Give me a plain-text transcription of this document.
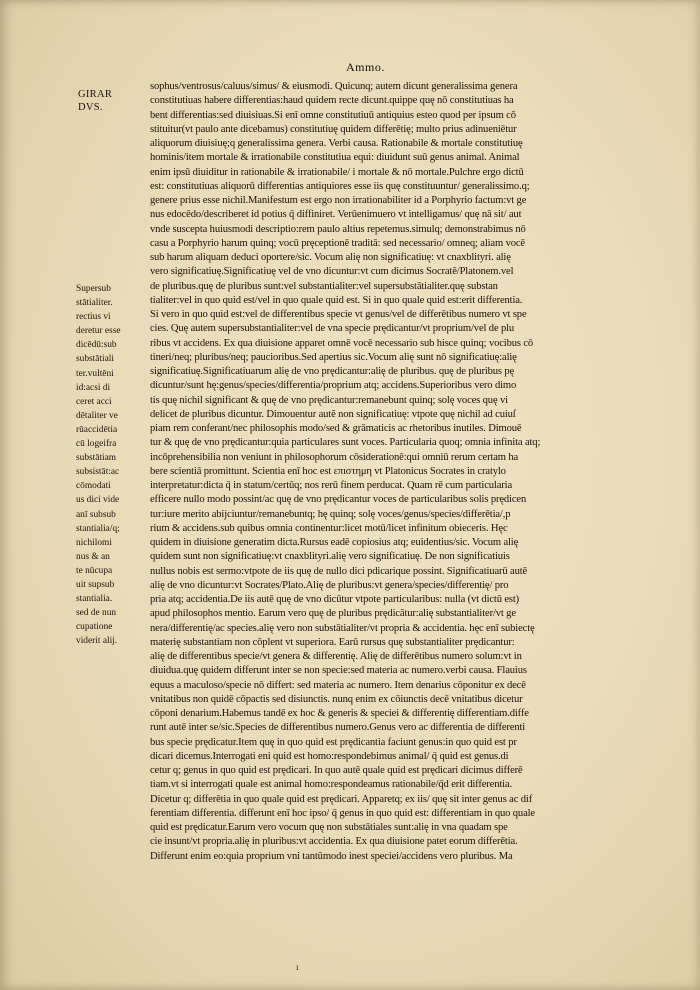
Ammo.
GIRAR
DVS.
Supersub
stātialiter.
rectius vi
deretur esse
dicēdū:sub
substātiali
ter.vultēni
id:acsi di
ceret acci
dētaliter ve
rūaccidētia
cū logeifra
substātiam
subsistāt:ac
cōmodati
us dici vide
anī subsub
stantialia/q;
nichilomi
nus & an
te nūcupa
uit supsub
stantialia.
sed de nun
cupatione
viderit alij.
sophus/ventrosus/caluus/simus/ & eiusmodi. Quicunq; autem dicunt generalissima genera
constitutiuas habere differentias:haud quidem recte dicunt.quippe quę nō constitutiuas ha
bent differentias:sed diuisiuas.Si enī omne constitutiuū antiquius esteo quod per ipsum cō
stituitur(vt paulo ante dicebamus) constitutiuę quidem differētię; multo prius adinueniētur
aliquorum diuisiuę;q generalissima genera. Verbi causa. Rationabile & mortale constitutiuę
hominis/item mortale & irrationabile constitutiua equi: diuidunt suū genus animal. Animal
enim ipsū diuiditur in rationabile & irrationabile/ i mortale & nō mortale.Pulchre ergo dictū
est: constitutiuas aliquorū differentias antiquiores esse iis quę constituuntur/ generalissimo.q;
genere prius esse nichil.Manifestum est ergo non irrationabiliter id a Porphyrio factum:vt ge
nus edocēdo/describeret id potius q̄ diffiniret. Verūenimuero vt intelligamus/ quę nā sit/ aut
vnde suscepta huiusmodi descriptio:rem paulo altius repetemus.simulq; demonstrabimus nō
casu a Porphyrio harum quinq; vocū pręceptionē traditā: sed necessario/ omneq; aliam vocē
sub harum aliquam deduci oportere/sic. Vocum alię non significatiuę: vt cnaxblityri. alię
vero significatiuę.Significatiuę vel de vno dicuntur:vt cum dicimus Socratē/Platonem.vel
de pluribus.quę de pluribus sunt:vel substantialiter:vel supersubstātialiter.quę substan
tialiter:vel in quo quid est/vel in quo quale quid est. Si in quo quale quid est:erit differentia.
Si vero in quo quid est:vel de differentibus specie vt genus/vel de differētibus numero vt spe
cies. Quę autem supersubstantialiter:vel de vna specie prędicantur/vt proprium/vel de plu
ribus vt accidens. Ex qua diuisione apparet omnē vocē necessario sub hisce quinq; vocibus cō
tineri/neq; pluribus/neq; paucioribus.Sed apertius sic.Vocum alię sunt nō significatiuę:alię
significatiuę.Significatiuarum alię de vno prędicantur:alię de pluribus. quę de pluribus pę
dicuntur/sunt hę:genus/species/differentia/proprium atq; accidens.Superioribus vero dimo
tis quę nichil significant & quę de vno prędicantur:remanebunt quinq; solę voces quę vi
delicet de pluribus dicuntur. Dimouentur autē non significatiuę: vtpote quę nichil ad cuiuſ
piam rem conferant/nec philosophis modo/sed & grāmaticis ac rhetoribus inutiles. Dimouē
tur & quę de vno prędicantur:quia particulares sunt voces. Particularia quoq; omnia infinita atq;
incōprehensibilia non veniunt in philosophorum cōsiderationē:qui omniū rerum certam ha
bere scientiā promittunt. Scientia enī hoc est επιστημη vt Platonicus Socrates in cratylo
interpretatur:dicta q̄ in statum/certūq; nos rerū finem perducat. Quam rē cum particularia
efficere nullo modo possint/ac quę de vno prędicantur voces de particularibus solis prędicen
tur:iure merito abijciuntur/remanebuntq; hę quinq; solę voces/genus/species/differētia/,p
rium & accidens.sub quibus omnia continentur:licet motū/licet infinitum obieceris. Hęc
quidem in diuisione generatim dicta.Rursus eadē copiosius atq; euidentius/sic. Vocum alię
quidem sunt non significatiuę:vt cnaxblityri.alię vero significatiuę. De non significatiuis
nullus nobis est sermo:vtpote de iis quę de nullo dici pdicarique possint. Significatiuarū autē
alię de vno dicuntur:vt Socrates/Plato.Alię de pluribus:vt genera/species/differentię/ pro
pria atq; accidentia.De iis autē quę de vno dicūtur vtpote particularibus: nulla (vt dictū est)
apud philosophos mentio. Earum vero quę de pluribus prędicātur:alię substantialiter/vt ge
nera/differentię/ac species.alię vero non substātialiter/vt propria & accidentia. hęc enī subiectę
materię substantiam non cōplent vt superiora. Earū rursus quę substantialiter prędicantur:
alię de differentibus specie/vt genera & differentię. Alię de differētibus numero solum:vt in
diuidua.quę quidem differunt inter se non specie:sed materia ac numero.verbi causa. Flauius
equus a maculoso/specie nō differt: sed materia ac numero. Item denarius cōponitur ex decē
vnitatibus non quidē cōpactis sed disiunctis. nunq enim ex cōiunctis decē vnitatibus dicetur
cōponi denarium.Habemus tandē ex hoc & generis & speciei & differentię differentiam.diffe
runt autē inter se/sic.Species de differentibus numero.Genus vero ac differentia de differenti
bus specie prędicatur.Item quę in quo quid est prędicantia faciunt genus:in quo quid est pr
dicari dicemus.Interrogati eni quid est homo:respondebimus animal/ q̄ quid est genus.di
cetur q; genus in quo quid est prędicari. In quo autē quale quid est prędicari dicimus differē
tiam.vt si interrogati quale est animal homo:respondeamus rationabile/q̄d erit differentia.
Dicetur q; differētia in quo quale quid est prędicari. Apparetq; ex iis/ quę sit inter genus ac dif
ferentiam differentia. differunt enī hoc ipso/ q̄ genus in quo quid est: differentiam in quo quale
quid est prędicatur.Earum vero vocum quę non substātiales sunt:alię in vna quadam spe
cie insunt/vt propria.alię in pluribus:vt accidentia. Ex qua diuisione patet eorum differētia.
Differunt enim eo:quia proprium vni tantūmodo inest speciei/accidens vero pluribus. Ma
ı
